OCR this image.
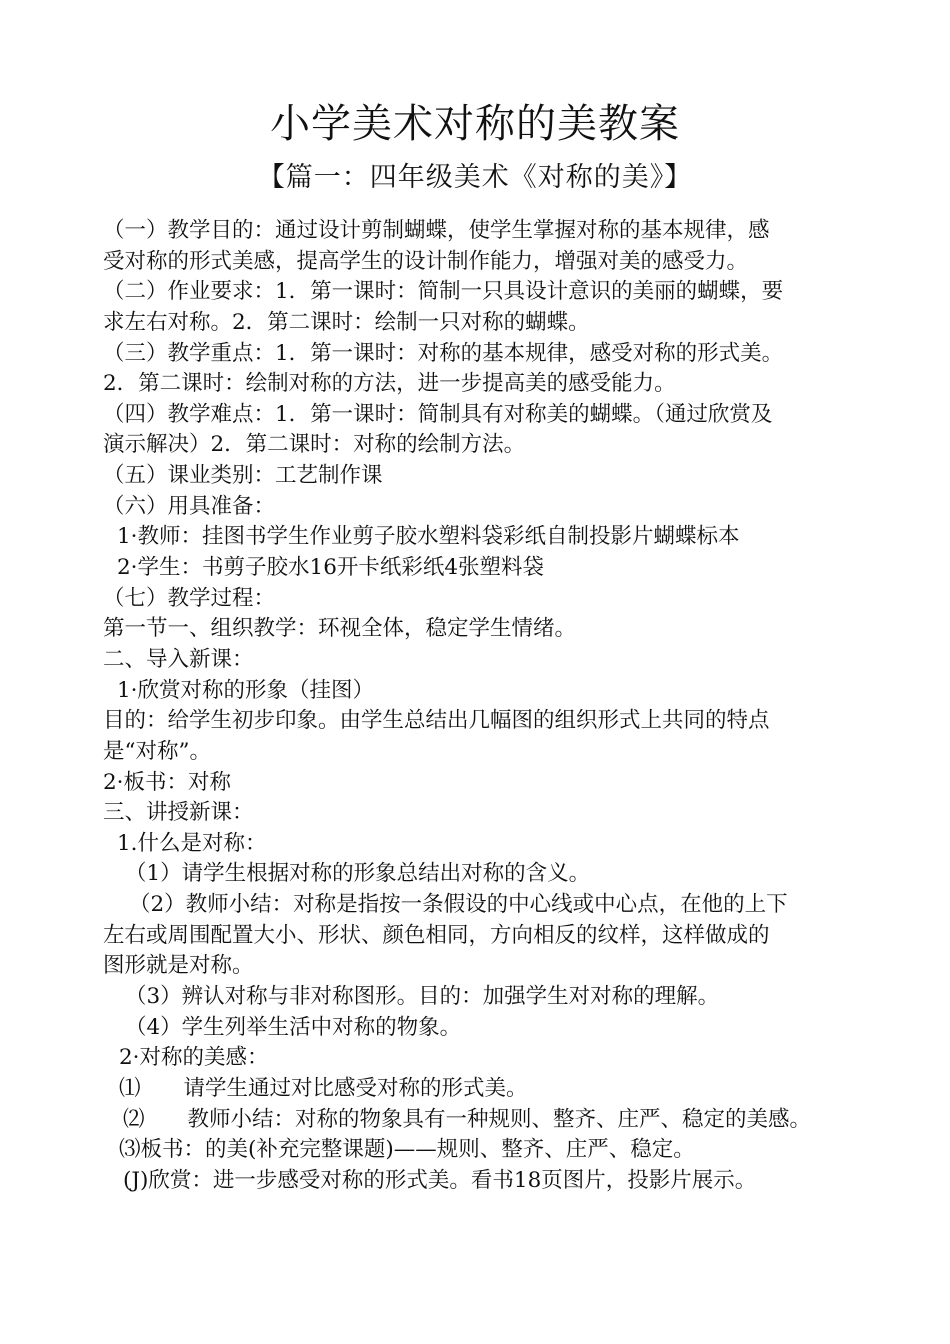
小学美术对称的美教案
【篇一：四年级美术《对称的美》】
（一）教学目的：通过设计剪制蝴蝶，使学生掌握对称的基本规律，感
受对称的形式美感，提高学生的设计制作能力，增强对美的感受力。
（二）作业要求：1．第一课时：简制一只具设计意识的美丽的蝴蝶，要
求左右对称。2．第二课时：绘制一只对称的蝴蝶。
（三）教学重点：1．第一课时：对称的基本规律，感受对称的形式美。
2．第二课时：绘制对称的方法，进一步提高美的感受能力。
（四）教学难点：1．第一课时：简制具有对称美的蝴蝶。（通过欣赏及
演示解决）2．第二课时：对称的绘制方法。
（五）课业类别：工艺制作课
（六）用具准备：
1·教师：挂图书学生作业剪子胶水塑料袋彩纸自制投影片蝴蝶标本
2·学生：书剪子胶水16开卡纸彩纸4张塑料袋
（七）教学过程：
第一节一、组织教学：环视全体，稳定学生情绪。
二、导入新课：
1·欣赏对称的形象（挂图）
目的：给学生初步印象。由学生总结出几幅图的组织形式上共同的特点
是“对称”。
2·板书：对称
三、讲授新课：
1.什么是对称：
（1）请学生根据对称的形象总结出对称的含义。
（2）教师小结：对称是指按一条假设的中心线或中心点，在他的上下
左右或周围配置大小、形状、颜色相同，方向相反的纹样，这样做成的
图形就是对称。
（3）辨认对称与非对称图形。目的：加强学生对对称的理解。
（4）学生列举生活中对称的物象。
2·对称的美感：
⑴　　请学生通过对比感受对称的形式美。
⑵　　教师小结：对称的物象具有一种规则、整齐、庄严、稳定的美感。
⑶板书：的美(补充完整课题)——规则、整齐、庄严、稳定。
(J)欣赏：进一步感受对称的形式美。看书18页图片，投影片展示。
